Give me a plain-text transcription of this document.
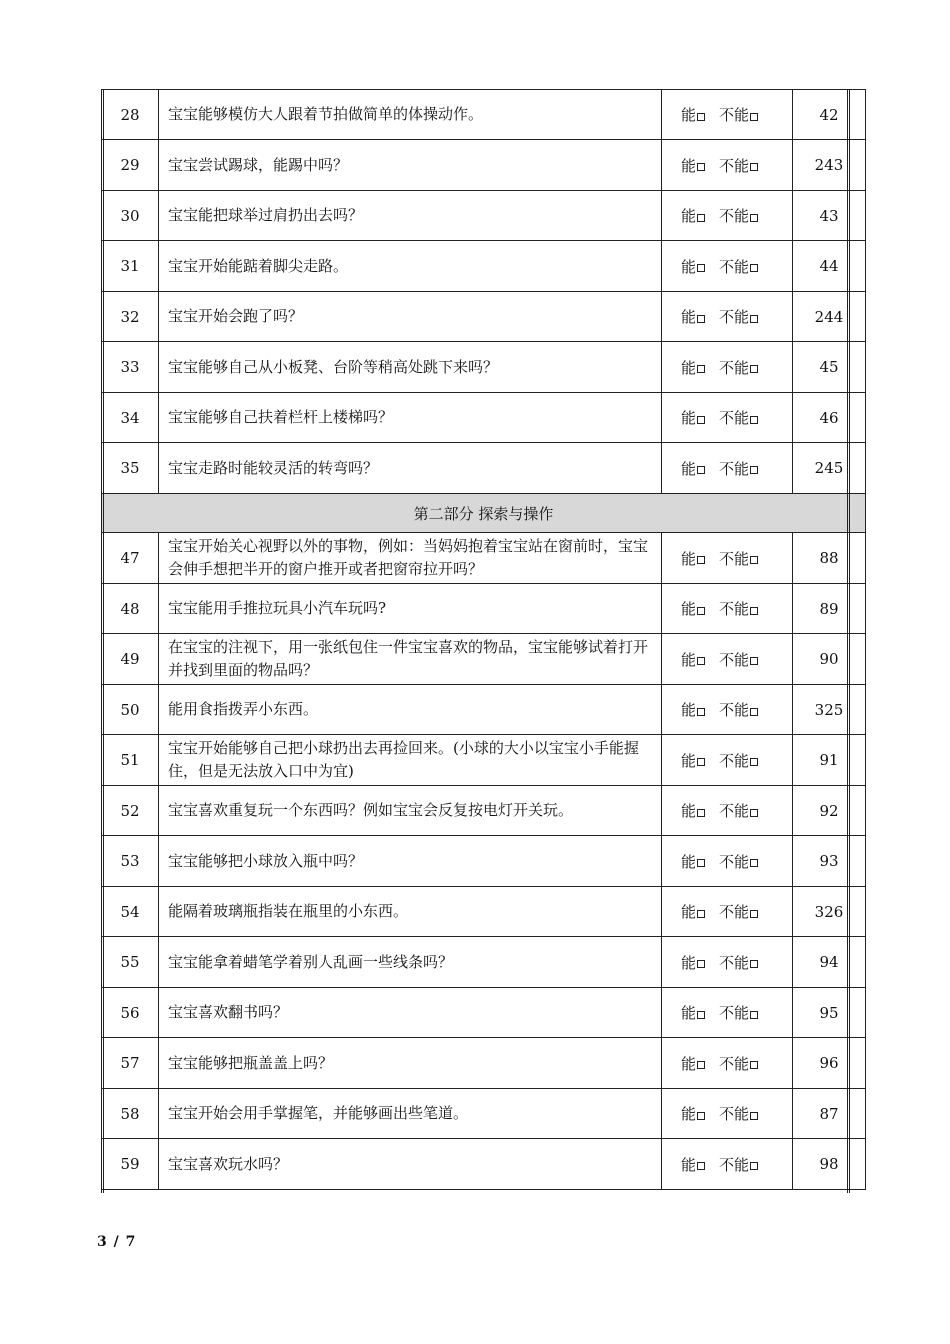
28	宝宝能够模仿大人跟着节拍做简单的体操动作。	能 不能	42
29	宝宝尝试踢球，能踢中吗？	能 不能	243
30	宝宝能把球举过肩扔出去吗？	能 不能	43
31	宝宝开始能踮着脚尖走路。	能 不能	44
32	宝宝开始会跑了吗？	能 不能	244
33	宝宝能够自己从小板凳、台阶等稍高处跳下来吗？	能 不能	45
34	宝宝能够自己扶着栏杆上楼梯吗？	能 不能	46
35	宝宝走路时能较灵活的转弯吗？	能 不能	245
第二部分 探索与操作			
47	宝宝开始关心视野以外的事物，例如：当妈妈抱着宝宝站在窗前时，宝宝会伸手想把半开的窗户推开或者把窗帘拉开吗？	能 不能	88
48	宝宝能用手推拉玩具小汽车玩吗?	能 不能	89
49	在宝宝的注视下，用一张纸包住一件宝宝喜欢的物品，宝宝能够试着打开并找到里面的物品吗？	能 不能	90
50	能用食指拨弄小东西。	能 不能	325
51	宝宝开始能够自己把小球扔出去再捡回来。(小球的大小以宝宝小手能握住，但是无法放入口中为宜)	能 不能	91
52	宝宝喜欢重复玩一个东西吗？例如宝宝会反复按电灯开关玩。	能 不能	92
53	宝宝能够把小球放入瓶中吗？	能 不能	93
54	能隔着玻璃瓶指装在瓶里的小东西。	能 不能	326
55	宝宝能拿着蜡笔学着别人乱画一些线条吗？	能 不能	94
56	宝宝喜欢翻书吗？	能 不能	95
57	宝宝能够把瓶盖盖上吗？	能 不能	96
58	宝宝开始会用手掌握笔，并能够画出些笔道。	能 不能	87
59	宝宝喜欢玩水吗？	能 不能	98
3 / 7
